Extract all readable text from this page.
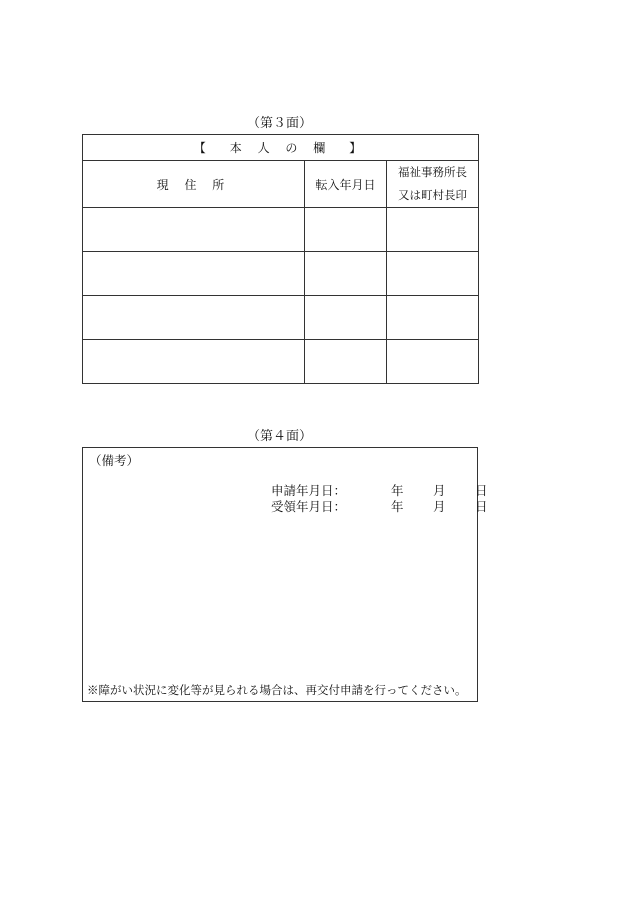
（第３面）
【　本 人 の 欄　】		
現 住 所	転入年月日	福祉事務所長
又は町村長印

（第４面）
（備考）
申請年月日：	年	月	日
受領年月日：	年	月	日
※障がい状況に変化等が見られる場合は、再交付申請を行ってください。
